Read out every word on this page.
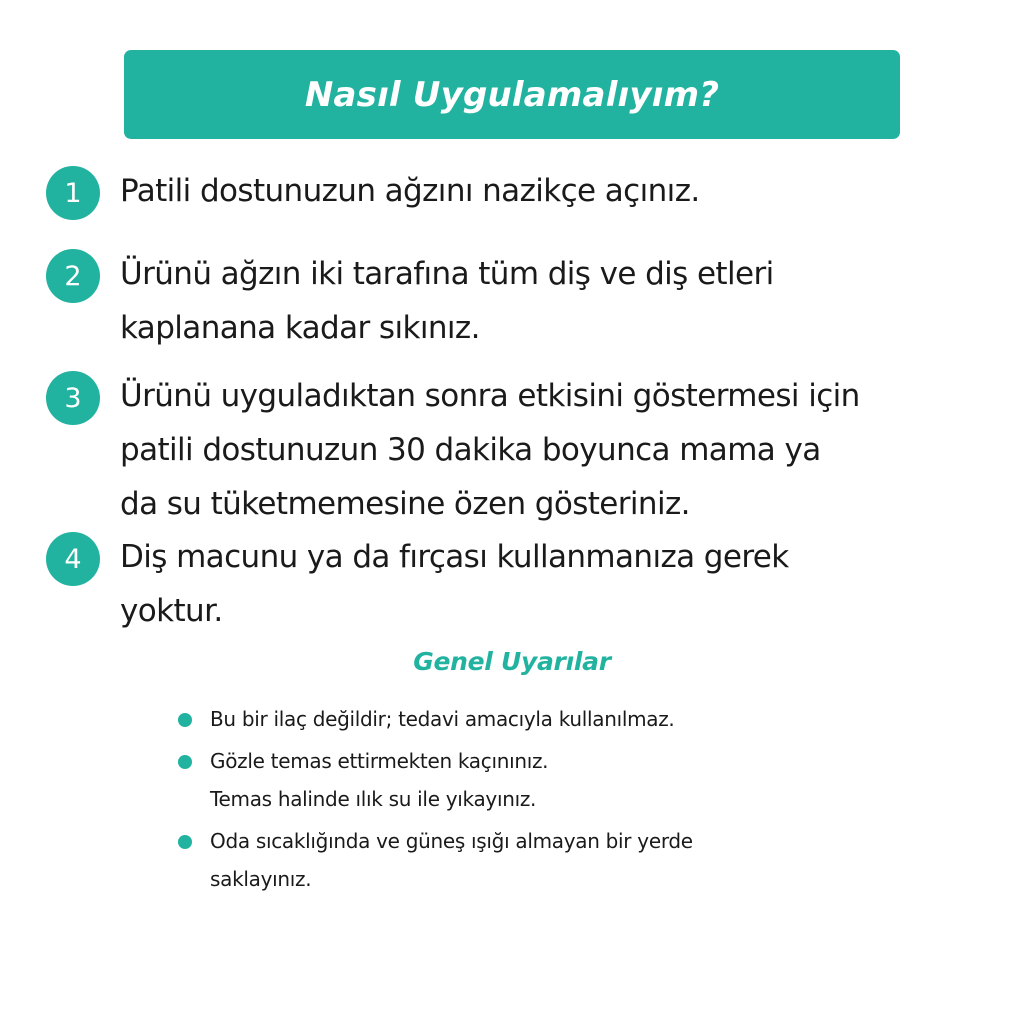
Nasıl Uygulamalıyım?
1	Patili dostunuzun ağzını nazikçe açınız.
2	Ürünü ağzın iki tarafına tüm diş ve diş etleri
kaplanana kadar sıkınız.
3	Ürünü uyguladıktan sonra etkisini göstermesi için
patili dostunuzun 30 dakika boyunca mama ya
da su tüketmemesine özen gösteriniz.
4	Diş macunu ya da fırçası kullanmanıza gerek
yoktur.
Genel Uyarılar
Bu bir ilaç değildir; tedavi amacıyla kullanılmaz.
Gözle temas ettirmekten kaçınınız.
Temas halinde ılık su ile yıkayınız.
Oda sıcaklığında ve güneş ışığı almayan bir yerde
saklayınız.
